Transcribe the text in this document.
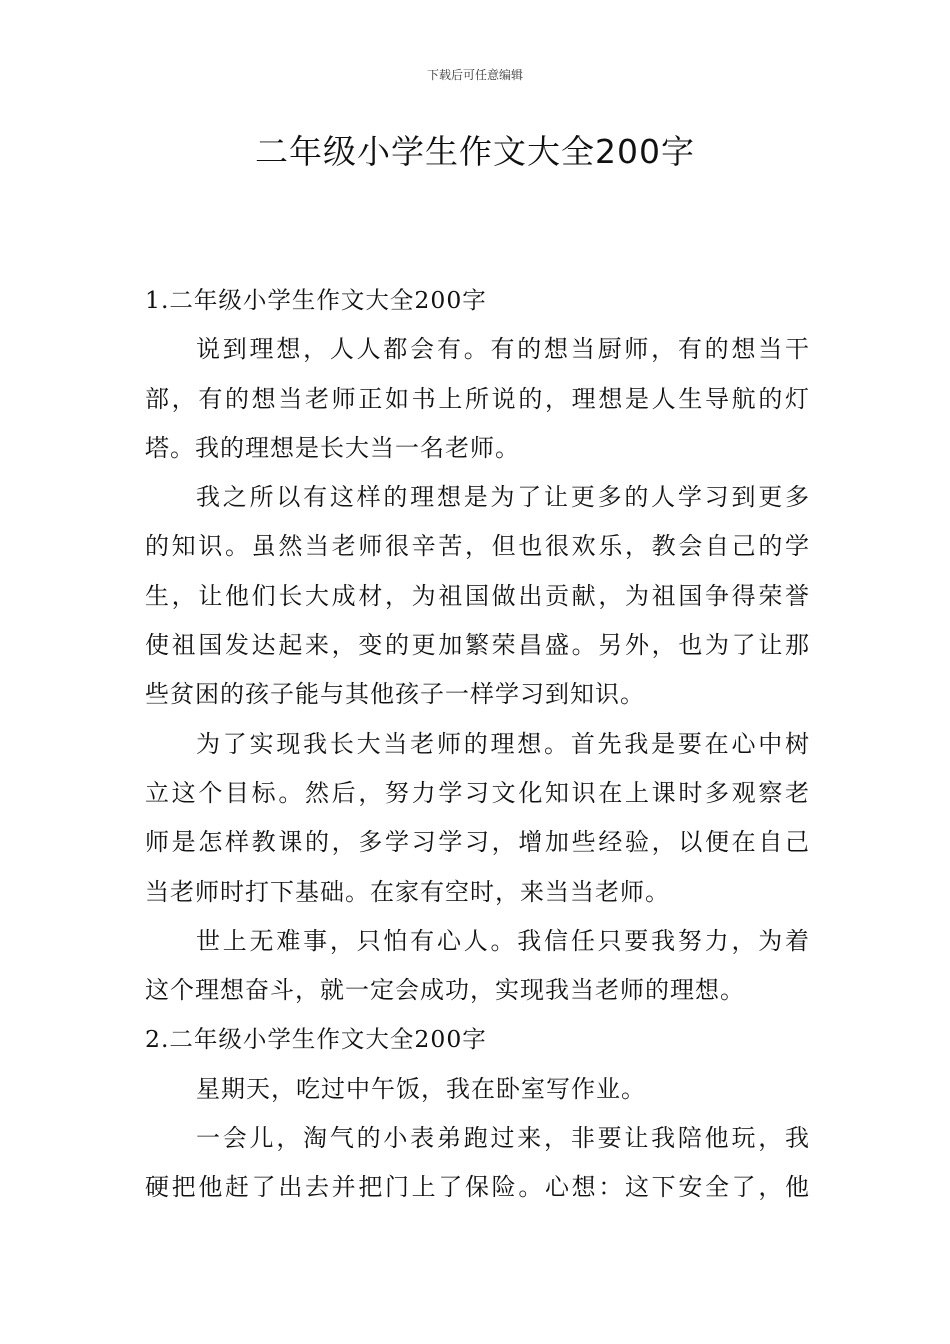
下载后可任意编辑
二年级小学生作文大全200字
1.二年级小学生作文大全200字
说到理想，人人都会有。有的想当厨师，有的想当干
部，有的想当老师正如书上所说的，理想是人生导航的灯
塔。我的理想是长大当一名老师。
我之所以有这样的理想是为了让更多的人学习到更多
的知识。虽然当老师很辛苦，但也很欢乐，教会自己的学
生，让他们长大成材，为祖国做出贡献，为祖国争得荣誉
使祖国发达起来，变的更加繁荣昌盛。另外，也为了让那
些贫困的孩子能与其他孩子一样学习到知识。
为了实现我长大当老师的理想。首先我是要在心中树
立这个目标。然后，努力学习文化知识在上课时多观察老
师是怎样教课的，多学习学习，增加些经验，以便在自己
当老师时打下基础。在家有空时，来当当老师。
世上无难事，只怕有心人。我信任只要我努力，为着
这个理想奋斗，就一定会成功，实现我当老师的理想。
2.二年级小学生作文大全200字
星期天，吃过中午饭，我在卧室写作业。
一会儿，淘气的小表弟跑过来，非要让我陪他玩，我
硬把他赶了出去并把门上了保险。心想：这下安全了，他
